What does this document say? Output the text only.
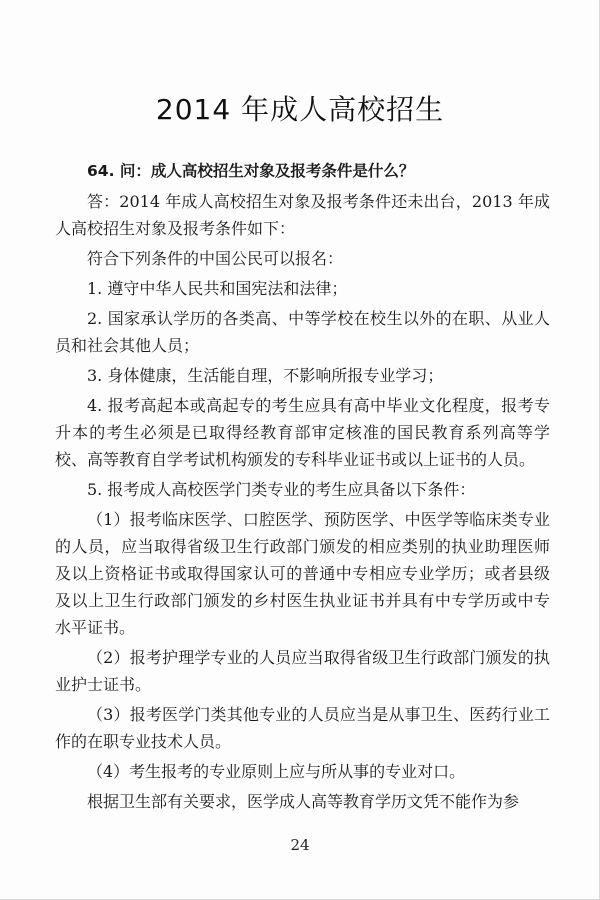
2014 年成人高校招生

64. 问：成人高校招生对象及报考条件是什么？

答：2014 年成人高校招生对象及报考条件还未出台，2013 年成人高校招生对象及报考条件如下：

符合下列条件的中国公民可以报名：

1. 遵守中华人民共和国宪法和法律；

2. 国家承认学历的各类高、中等学校在校生以外的在职、从业人员和社会其他人员；

3. 身体健康，生活能自理，不影响所报专业学习；

4. 报考高起本或高起专的考生应具有高中毕业文化程度，报考专升本的考生必须是已取得经教育部审定核准的国民教育系列高等学校、高等教育自学考试机构颁发的专科毕业证书或以上证书的人员。

5. 报考成人高校医学门类专业的考生应具备以下条件：

（1）报考临床医学、口腔医学、预防医学、中医学等临床类专业的人员，应当取得省级卫生行政部门颁发的相应类别的执业助理医师及以上资格证书或取得国家认可的普通中专相应专业学历；或者县级及以上卫生行政部门颁发的乡村医生执业证书并具有中专学历或中专水平证书。

（2）报考护理学专业的人员应当取得省级卫生行政部门颁发的执业护士证书。

（3）报考医学门类其他专业的人员应当是从事卫生、医药行业工作的在职专业技术人员。

（4）考生报考的专业原则上应与所从事的专业对口。

根据卫生部有关要求，医学成人高等教育学历文凭不能作为参

24
